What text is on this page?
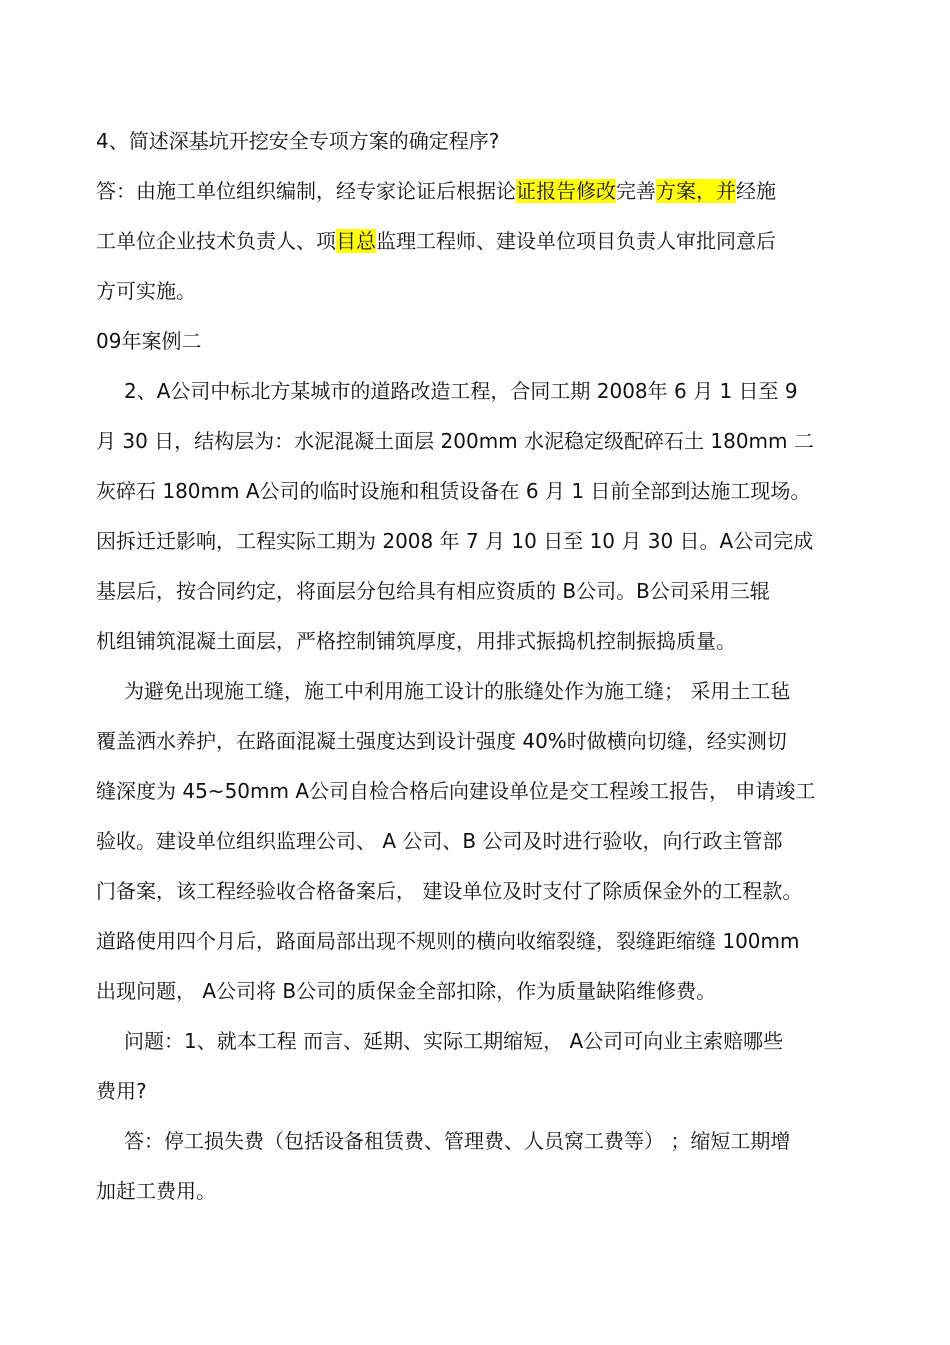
4、简述深基坑开挖安全专项方案的确定程序?
答：由施工单位组织编制，经专家论证后根据论证报告修改完善方案，并经施
工单位企业技术负责人、项目总监理工程师、建设单位项目负责人审批同意后
方可实施。
09年案例二
2、A公司中标北方某城市的道路改造工程，合同工期 2008年 6 月 1 日至 9
月 30 日，结构层为：水泥混凝土面层 200mm 水泥稳定级配碎石土 180mm 二
灰碎石 180mm A公司的临时设施和租赁设备在 6 月 1 日前全部到达施工现场。
因拆迁迁影响，工程实际工期为 2008 年 7 月 10 日至 10 月 30 日。A公司完成
基层后，按合同约定，将面层分包给具有相应资质的 B公司。B公司采用三辊
机组铺筑混凝土面层，严格控制铺筑厚度，用排式振捣机控制振捣质量。
为避免出现施工缝，施工中利用施工设计的胀缝处作为施工缝； 采用土工毡
覆盖洒水养护，在路面混凝土强度达到设计强度 40%时做横向切缝，经实测切
缝深度为 45~50mm A公司自检合格后向建设单位是交工程竣工报告， 申请竣工
验收。建设单位组织监理公司、 A 公司、B 公司及时进行验收，向行政主管部
门备案，该工程经验收合格备案后， 建设单位及时支付了除质保金外的工程款。
道路使用四个月后，路面局部出现不规则的横向收缩裂缝，裂缝距缩缝 100mm
出现问题， A公司将 B公司的质保金全部扣除，作为质量缺陷维修费。
问题：1、就本工程 而言、延期、实际工期缩短， A公司可向业主索赔哪些
费用?
答：停工损失费（包括设备租赁费、管理费、人员窝工费等） ；缩短工期增
加赶工费用。
